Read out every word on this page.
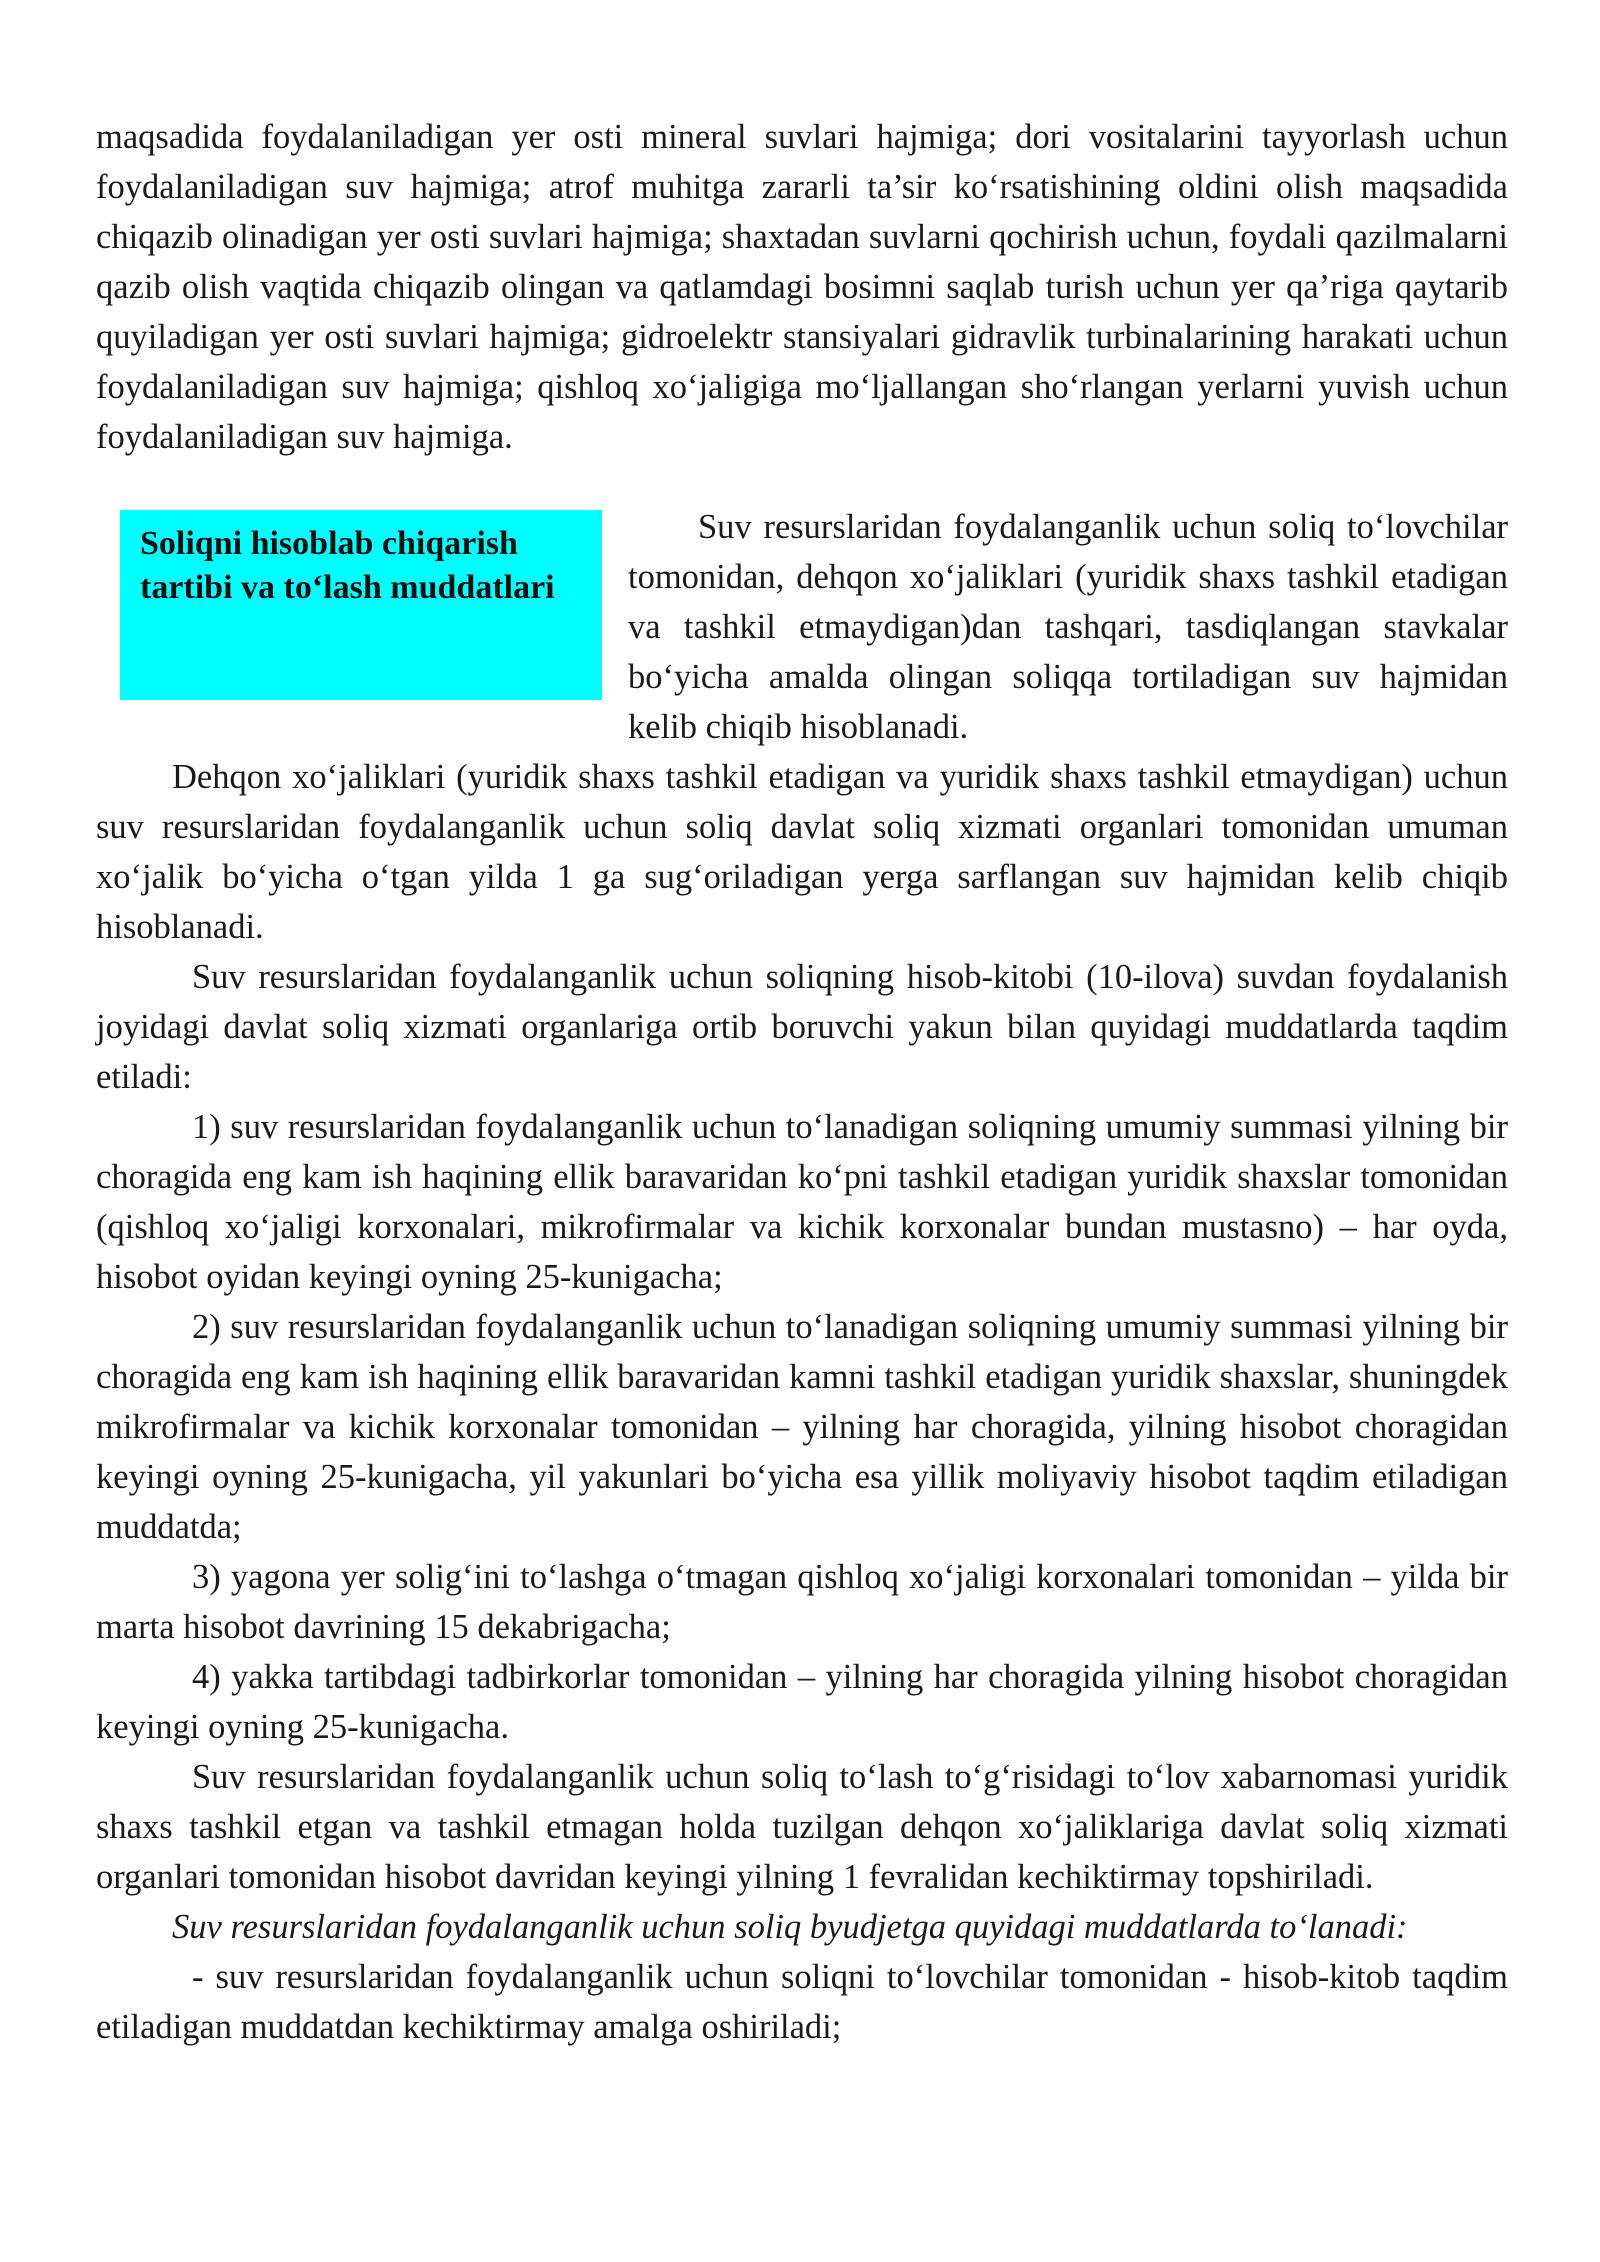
maqsadida foydalaniladigan yer osti mineral suvlari hajmiga; dori vositalarini tayyorlash uchun foydalaniladigan suv hajmiga; atrof muhitga zararli ta’sir ko‘rsatishining oldini olish maqsadida chiqazib olinadigan yer osti suvlari hajmiga; shaxtadan suvlarni qochirish uchun, foydali qazilmalarni qazib olish vaqtida chiqazib olingan va qatlamdagi bosimni saqlab turish uchun yer qa’riga qaytarib quyiladigan yer osti suvlari hajmiga; gidroelektr stansiyalari gidravlik turbinalarining harakati uchun foydalaniladigan suv hajmiga; qishloq xo‘jaligiga mo‘ljallangan sho‘rlangan yerlarni yuvish uchun foydalaniladigan suv hajmiga.

Soliqni hisoblab chiqarish tartibi va to‘lash muddatlari

Suv resurslaridan foydalanganlik uchun soliq to‘lovchilar tomonidan, dehqon xo‘jaliklari (yuridik shaxs tashkil etadigan va tashkil etmaydigan)dan tashqari, tasdiqlangan stavkalar bo‘yicha amalda olingan soliqqa tortiladigan suv hajmidan kelib chiqib hisoblanadi.

Dehqon xo‘jaliklari (yuridik shaxs tashkil etadigan va yuridik shaxs tashkil etmaydigan) uchun suv resurslaridan foydalanganlik uchun soliq davlat soliq xizmati organlari tomonidan umuman xo‘jalik bo‘yicha o‘tgan yilda 1 ga sug‘oriladigan yerga sarflangan suv hajmidan kelib chiqib hisoblanadi.

Suv resurslaridan foydalanganlik uchun soliqning hisob-kitobi (10-ilova) suvdan foydalanish joyidagi davlat soliq xizmati organlariga ortib boruvchi yakun bilan quyidagi muddatlarda taqdim etiladi:

1) suv resurslaridan foydalanganlik uchun to‘lanadigan soliqning umumiy summasi yilning bir choragida eng kam ish haqining ellik baravaridan ko‘pni tashkil etadigan yuridik shaxslar tomonidan (qishloq xo‘jaligi korxonalari, mikrofirmalar va kichik korxonalar bundan mustasno) – har oyda, hisobot oyidan keyingi oyning 25-kunigacha;

2) suv resurslaridan foydalanganlik uchun to‘lanadigan soliqning umumiy summasi yilning bir choragida eng kam ish haqining ellik baravaridan kamni tashkil etadigan yuridik shaxslar, shuningdek mikrofirmalar va kichik korxonalar tomonidan – yilning har choragida, yilning hisobot choragidan keyingi oyning 25-kunigacha, yil yakunlari bo‘yicha esa yillik moliyaviy hisobot taqdim etiladigan muddatda;

3) yagona yer solig‘ini to‘lashga o‘tmagan qishloq xo‘jaligi korxonalari tomonidan – yilda bir marta hisobot davrining 15 dekabrigacha;

4) yakka tartibdagi tadbirkorlar tomonidan – yilning har choragida yilning hisobot choragidan keyingi oyning 25-kunigacha.

Suv resurslaridan foydalanganlik uchun soliq to‘lash to‘g‘risidagi to‘lov xabarnomasi yuridik shaxs tashkil etgan va tashkil etmagan holda tuzilgan dehqon xo‘jaliklariga davlat soliq xizmati organlari tomonidan hisobot davridan keyingi yilning 1 fevralidan kechiktirmay topshiriladi.

Suv resurslaridan foydalanganlik uchun soliq byudjetga quyidagi muddatlarda to‘lanadi:

- suv resurslaridan foydalanganlik uchun soliqni to‘lovchilar tomonidan - hisob-kitob taqdim etiladigan muddatdan kechiktirmay amalga oshiriladi;
